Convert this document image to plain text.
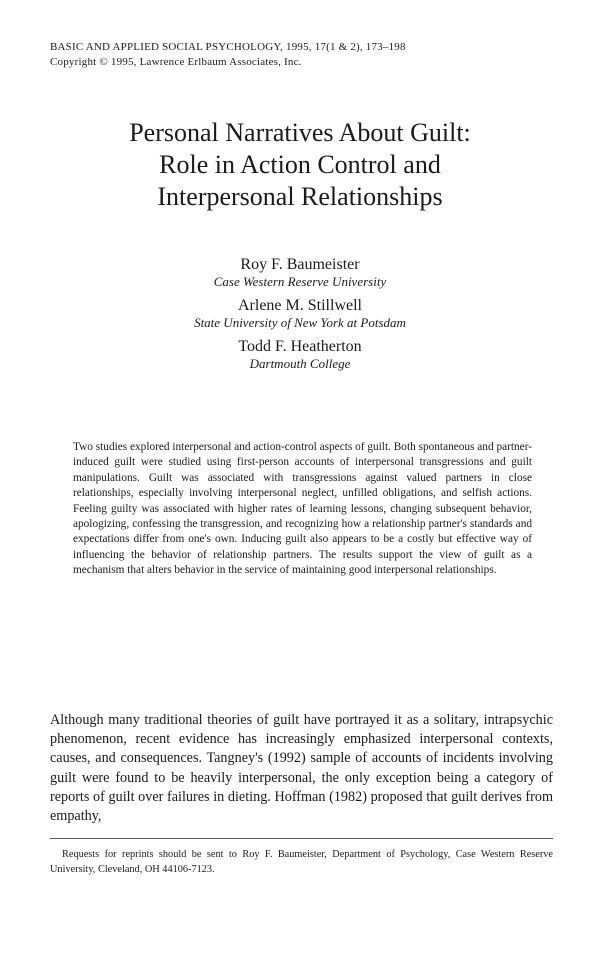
BASIC AND APPLIED SOCIAL PSYCHOLOGY, 1995, 17(1 & 2), 173–198
Copyright © 1995, Lawrence Erlbaum Associates, Inc.
Personal Narratives About Guilt:
Role in Action Control and
Interpersonal Relationships
Roy F. Baumeister
Case Western Reserve University
Arlene M. Stillwell
State University of New York at Potsdam
Todd F. Heatherton
Dartmouth College

Two studies explored interpersonal and action-control aspects of guilt. Both spontaneous and partner-induced guilt were studied using first-person accounts of interpersonal transgressions and guilt manipulations. Guilt was associated with transgressions against valued partners in close relationships, especially involving interpersonal neglect, unfilled obligations, and selfish actions. Feeling guilty was associated with higher rates of learning lessons, changing subsequent behavior, apologizing, confessing the transgression, and recognizing how a relationship partner's standards and expectations differ from one's own. Inducing guilt also appears to be a costly but effective way of influencing the behavior of relationship partners. The results support the view of guilt as a mechanism that alters behavior in the service of maintaining good interpersonal relationships.

Although many traditional theories of guilt have portrayed it as a solitary, intrapsychic phenomenon, recent evidence has increasingly emphasized interpersonal contexts, causes, and consequences. Tangney's (1992) sample of accounts of incidents involving guilt were found to be heavily interpersonal, the only exception being a category of reports of guilt over failures in dieting. Hoffman (1982) proposed that guilt derives from empathy,

Requests for reprints should be sent to Roy F. Baumeister, Department of Psychology, Case Western Reserve University, Cleveland, OH 44106-7123.
